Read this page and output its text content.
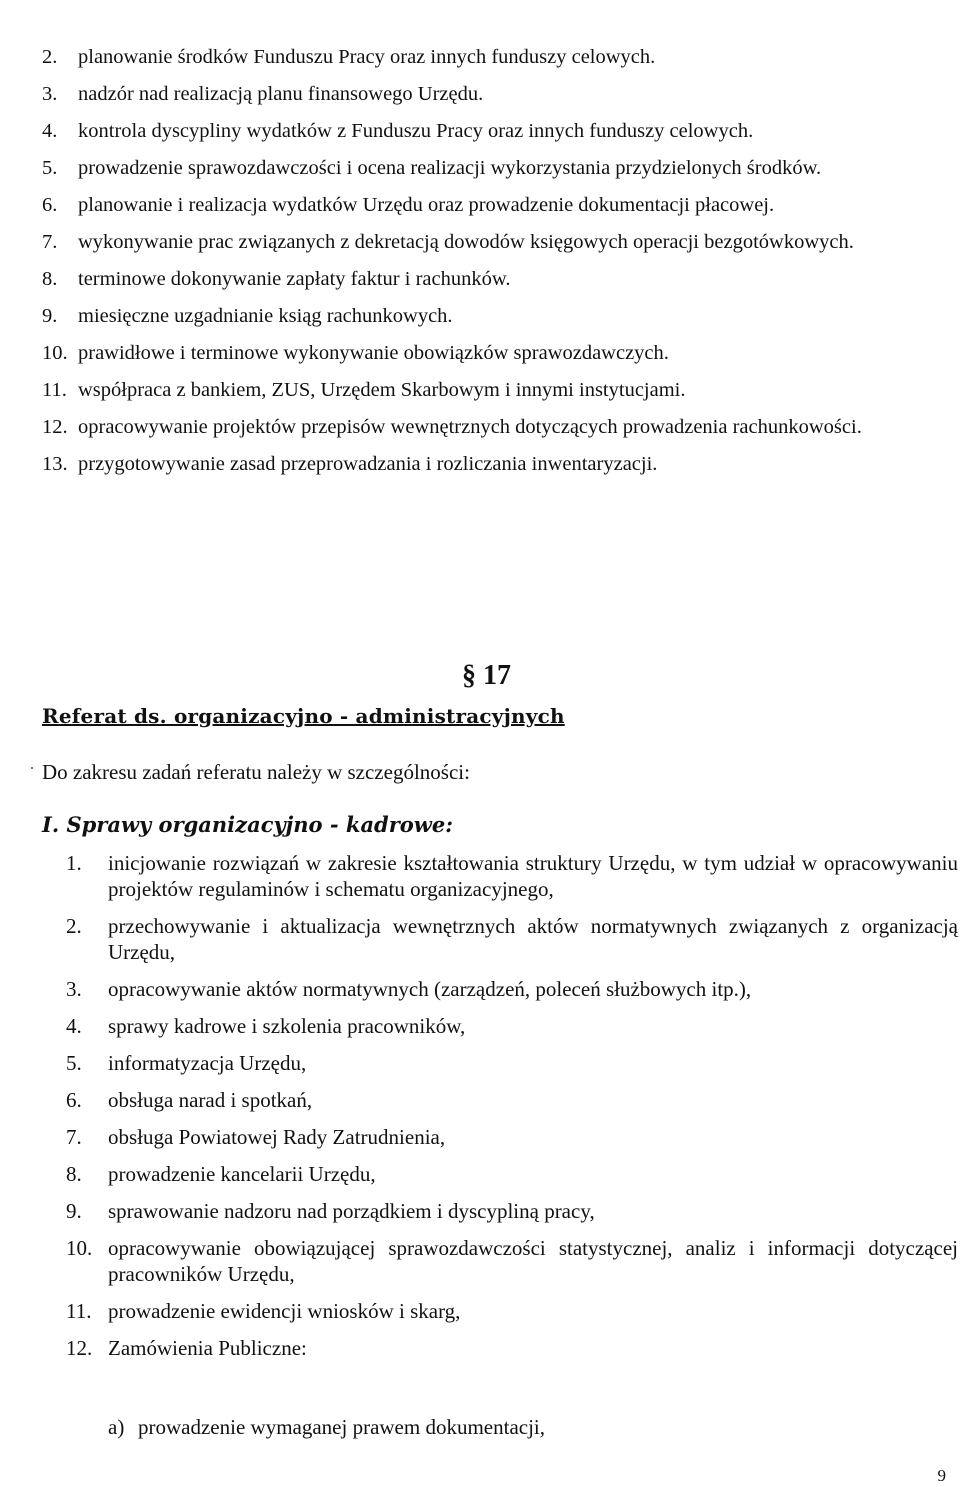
2.	planowanie środków Funduszu Pracy oraz innych funduszy celowych.
3.	nadzór nad realizacją planu finansowego Urzędu.
4.	kontrola dyscypliny wydatków z Funduszu Pracy oraz innych funduszy celowych.
5.	prowadzenie sprawozdawczości i ocena realizacji wykorzystania przydzielonych środków.
6.	planowanie i realizacja wydatków Urzędu oraz prowadzenie dokumentacji płacowej.
7.	wykonywanie prac związanych z dekretacją dowodów księgowych operacji bezgotówkowych.
8.	terminowe dokonywanie zapłaty faktur i rachunków.
9.	miesięczne uzgadnianie ksiąg rachunkowych.
10. prawidłowe i terminowe wykonywanie obowiązków sprawozdawczych.
11. współpraca z bankiem, ZUS, Urzędem Skarbowym i innymi instytucjami.
12. opracowywanie projektów przepisów wewnętrznych dotyczących prowadzenia rachunkowości.
13. przygotowywanie zasad przeprowadzania i rozliczania inwentaryzacji.
§ 17
Referat ds. organizacyjno - administracyjnych
Do zakresu zadań referatu należy w szczególności:
I. Sprawy organizacyjno - kadrowe:
1.	inicjowanie rozwiązań w zakresie kształtowania struktury Urzędu, w tym udział w opracowywaniu projektów regulaminów i schematu organizacyjnego,
2.	przechowywanie i aktualizacja wewnętrznych aktów normatywnych związanych z organizacją Urzędu,
3.	opracowywanie aktów normatywnych (zarządzeń, poleceń służbowych itp.),
4.	sprawy kadrowe i szkolenia pracowników,
5.	informatyzacja Urzędu,
6.	obsługa narad i spotkań,
7.	obsługa Powiatowej Rady Zatrudnienia,
8.	prowadzenie kancelarii Urzędu,
9.	sprawowanie nadzoru nad porządkiem i dyscypliną pracy,
10. opracowywanie obowiązującej sprawozdawczości statystycznej, analiz i informacji dotyczącej pracowników Urzędu,
11. prowadzenie ewidencji wniosków i skarg,
12. Zamówienia Publiczne:
a) prowadzenie wymaganej prawem dokumentacji,
9
